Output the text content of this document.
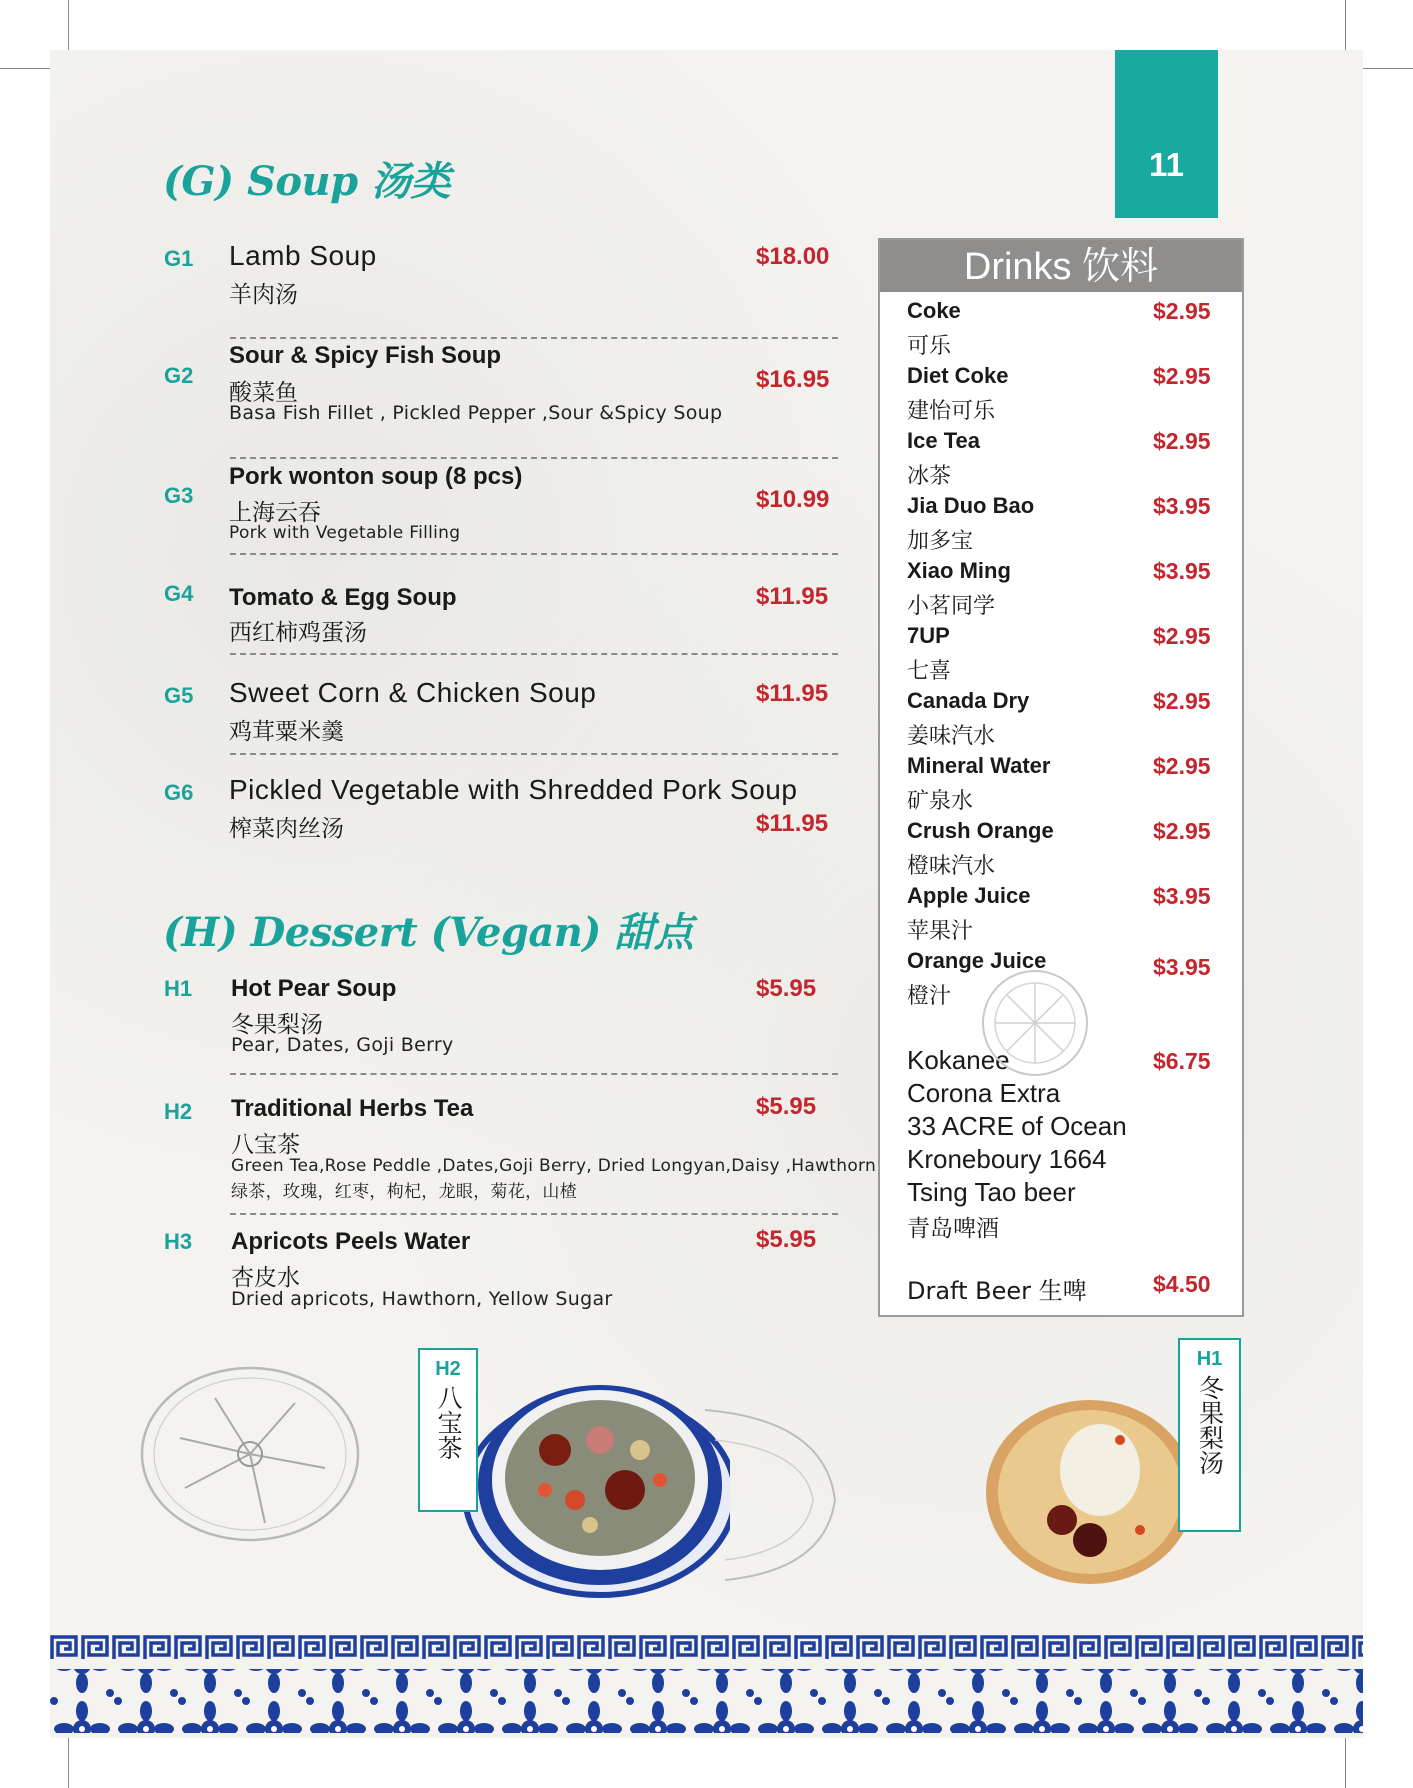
11
(G) Soup 汤类
G1 Lamb Soup
羊肉汤
$18.00
G2
Sour & Spicy Fish Soup
酸菜鱼
Basa Fish Fillet , Pickled Pepper ,Sour &Spicy Soup
$16.95
G3
Pork wonton soup (8 pcs)
上海云吞
Pork with Vegetable Filling
$10.99
G4 Tomato & Egg Soup
西红柿鸡蛋汤
$11.95
G5 Sweet Corn & Chicken Soup
鸡茸粟米羹
$11.95
G6 Pickled Vegetable with Shredded Pork Soup
榨菜肉丝汤	$11.95
(H) Dessert (Vegan) 甜点
H1 Hot Pear Soup
冬果梨汤
Pear, Dates, Goji Berry
$5.95
H2 Traditional Herbs Tea
八宝茶
Green Tea,Rose Peddle ,Dates,Goji Berry, Dried Longyan,Daisy ,Hawthorn
绿茶，玫瑰，红枣，枸杞，龙眼，菊花，山楂
$5.95
H3 Apricots Peels Water
杏皮水
Dried apricots, Hawthorn, Yellow Sugar
$5.95
Drinks 饮料
Coke
可乐
$2.95
Diet Coke
建怡可乐
$2.95
Ice Tea
冰茶
$2.95
Jia Duo Bao
加多宝
$3.95
Xiao Ming
小茗同学
$3.95
7UP
七喜
$2.95
Canada Dry
姜味汽水
$2.95
Mineral Water
矿泉水
$2.95
Crush Orange
橙味汽水
$2.95
Apple Juice
苹果汁
$3.95
Orange Juice
橙汁
$3.95
Kokanee
Corona Extra
33 ACRE of Ocean
Kroneboury 1664
Tsing Tao beer
青岛啤酒
$6.75
Draft Beer 生啤	$4.50
H2
八宝茶
H1
冬果梨汤
